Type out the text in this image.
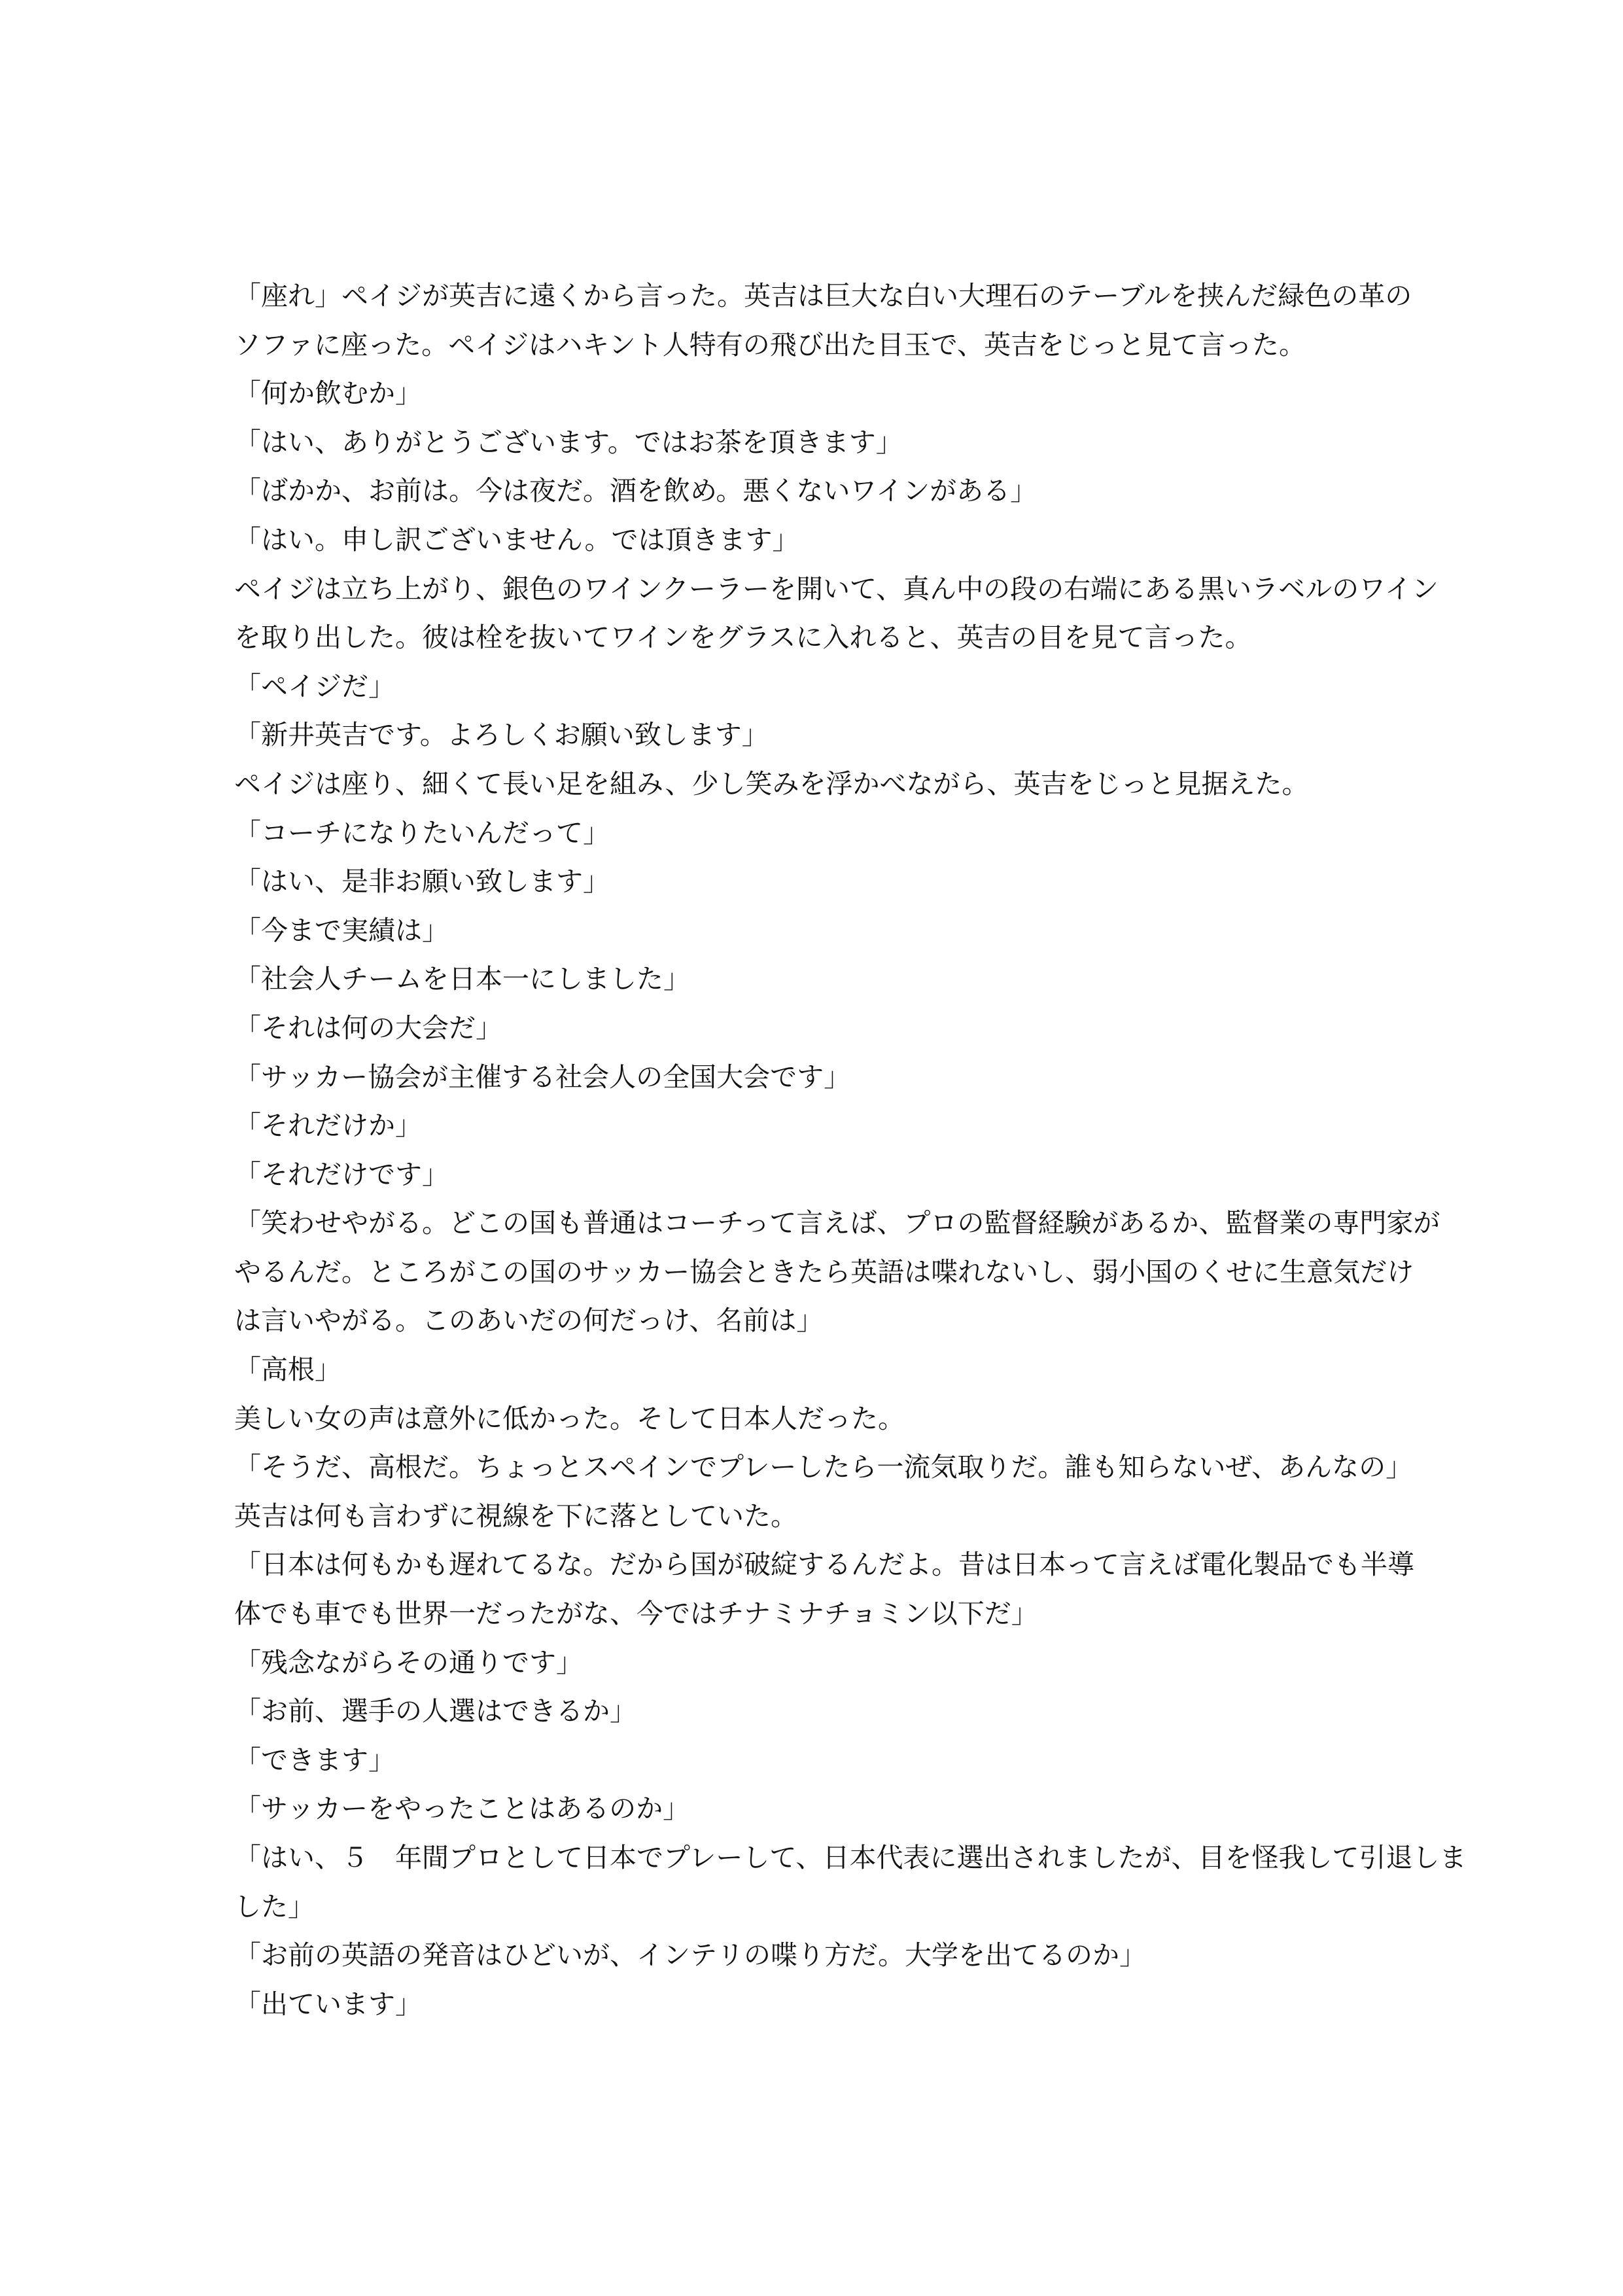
「座れ」ペイジが英吉に遠くから言った。英吉は巨大な白い大理石のテーブルを挟んだ緑色の革の
ソファに座った。ペイジはハキント人特有の飛び出た目玉で、英吉をじっと見て言った。
「何か飲むか」
「はい、ありがとうございます。ではお茶を頂きます」
「ばかか、お前は。今は夜だ。酒を飲め。悪くないワインがある」
「はい。申し訳ございません。では頂きます」
ペイジは立ち上がり、銀色のワインクーラーを開いて、真ん中の段の右端にある黒いラベルのワイン
を取り出した。彼は栓を抜いてワインをグラスに入れると、英吉の目を見て言った。
「ペイジだ」
「新井英吉です。よろしくお願い致します」
ペイジは座り、細くて長い足を組み、少し笑みを浮かべながら、英吉をじっと見据えた。
「コーチになりたいんだって」
「はい、是非お願い致します」
「今まで実績は」
「社会人チームを日本一にしました」
「それは何の大会だ」
「サッカー協会が主催する社会人の全国大会です」
「それだけか」
「それだけです」
「笑わせやがる。どこの国も普通はコーチって言えば、プロの監督経験があるか、監督業の専門家が
やるんだ。ところがこの国のサッカー協会ときたら英語は喋れないし、弱小国のくせに生意気だけ
は言いやがる。このあいだの何だっけ、名前は」
「高根」
美しい女の声は意外に低かった。そして日本人だった。
「そうだ、高根だ。ちょっとスペインでプレーしたら一流気取りだ。誰も知らないぜ、あんなの」
英吉は何も言わずに視線を下に落としていた。
「日本は何もかも遅れてるな。だから国が破綻するんだよ。昔は日本って言えば電化製品でも半導
体でも車でも世界一だったがな、今ではチナミナチョミン以下だ」
「残念ながらその通りです」
「お前、選手の人選はできるか」
「できます」
「サッカーをやったことはあるのか」
「はい、５　年間プロとして日本でプレーして、日本代表に選出されましたが、目を怪我して引退しま
した」
「お前の英語の発音はひどいが、インテリの喋り方だ。大学を出てるのか」
「出ています」
